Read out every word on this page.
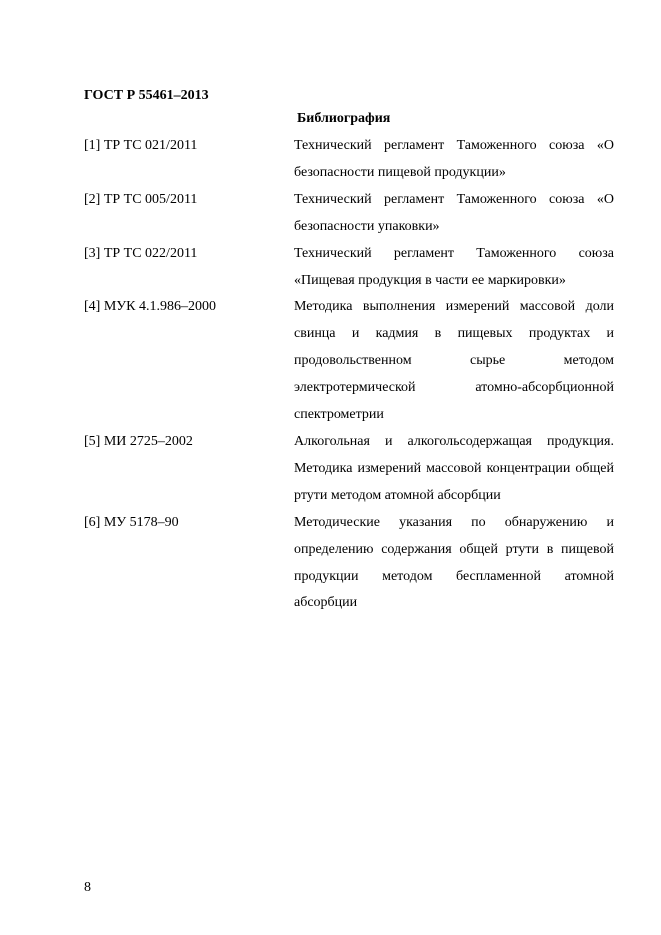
ГОСТ Р 55461–2013
Библиография
[1] ТР ТС 021/2011	Технический регламент Таможенного союза «О безопасности пищевой продукции»
[2] ТР ТС 005/2011	Технический регламент Таможенного союза «О безопасности упаковки»
[3] ТР ТС 022/2011	Технический регламент Таможенного союза «Пищевая продукция в части ее маркировки»
[4] МУК 4.1.986–2000	Методика выполнения измерений массовой доли свинца и кадмия в пищевых продуктах и продовольственном сырье методом электротермической атомно-абсорбционной спектрометрии
[5] МИ 2725–2002	Алкогольная и алкогольсодержащая продукция. Методика измерений массовой концентрации общей ртути методом атомной абсорбции
[6] МУ 5178–90	Методические указания по обнаружению и определению содержания общей ртути в пищевой продукции методом беспламенной атомной абсорбции
8
